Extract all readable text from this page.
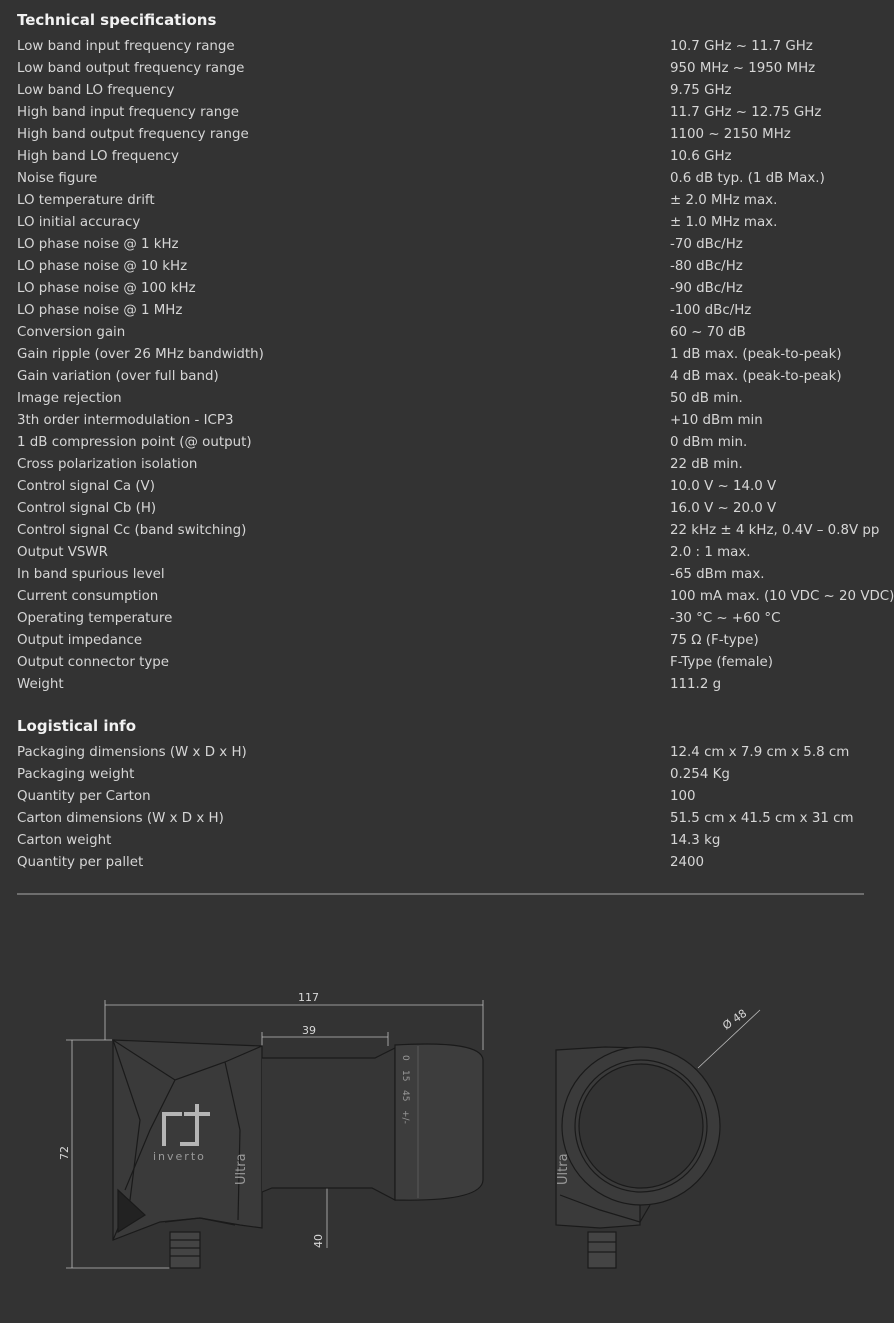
Technical specifications
Low band input frequency range	10.7 GHz ~ 11.7 GHz
Low band output frequency range	950 MHz ~ 1950 MHz
Low band LO frequency	9.75 GHz
High band input frequency range	11.7 GHz ~ 12.75 GHz
High band output frequency range	1100 ~ 2150 MHz
High band LO frequency	10.6 GHz
Noise figure	0.6 dB typ. (1 dB Max.)
LO temperature drift	± 2.0 MHz max.
LO initial accuracy	± 1.0 MHz max.
LO phase noise @ 1 kHz	-70 dBc/Hz
LO phase noise @ 10 kHz	-80 dBc/Hz
LO phase noise @ 100 kHz	-90 dBc/Hz
LO phase noise @ 1 MHz	-100 dBc/Hz
Conversion gain	60 ~ 70 dB
Gain ripple (over 26 MHz bandwidth)	1 dB max. (peak-to-peak)
Gain variation (over full band)	4 dB max. (peak-to-peak)
Image rejection	50 dB min.
3th order intermodulation - ICP3	+10 dBm min
1 dB compression point (@ output)	0 dBm min.
Cross polarization isolation	22 dB min.
Control signal Ca (V)	10.0 V ~ 14.0 V
Control signal Cb (H)	16.0 V ~ 20.0 V
Control signal Cc (band switching)	22 kHz ± 4 kHz, 0.4V – 0.8V pp
Output VSWR	2.0 : 1 max.
In band spurious level	-65 dBm max.
Current consumption	100 mA max. (10 VDC ~ 20 VDC)
Operating temperature	-30 °C ~ +60 °C
Output impedance	75 Ω (F-type)
Output connector type	F-Type (female)
Weight	111.2 g
Logistical info
Packaging dimensions (W x D x H)	12.4 cm x 7.9 cm x 5.8 cm
Packaging weight	0.254 Kg
Quantity per Carton	100
Carton dimensions (W x D x H)	51.5 cm x 41.5 cm x 31 cm
Carton weight	14.3 kg
Quantity per pallet	2400
117
39
72
40
Ø 48
inverto Ultra	Ultra
0
15
45
+/-
